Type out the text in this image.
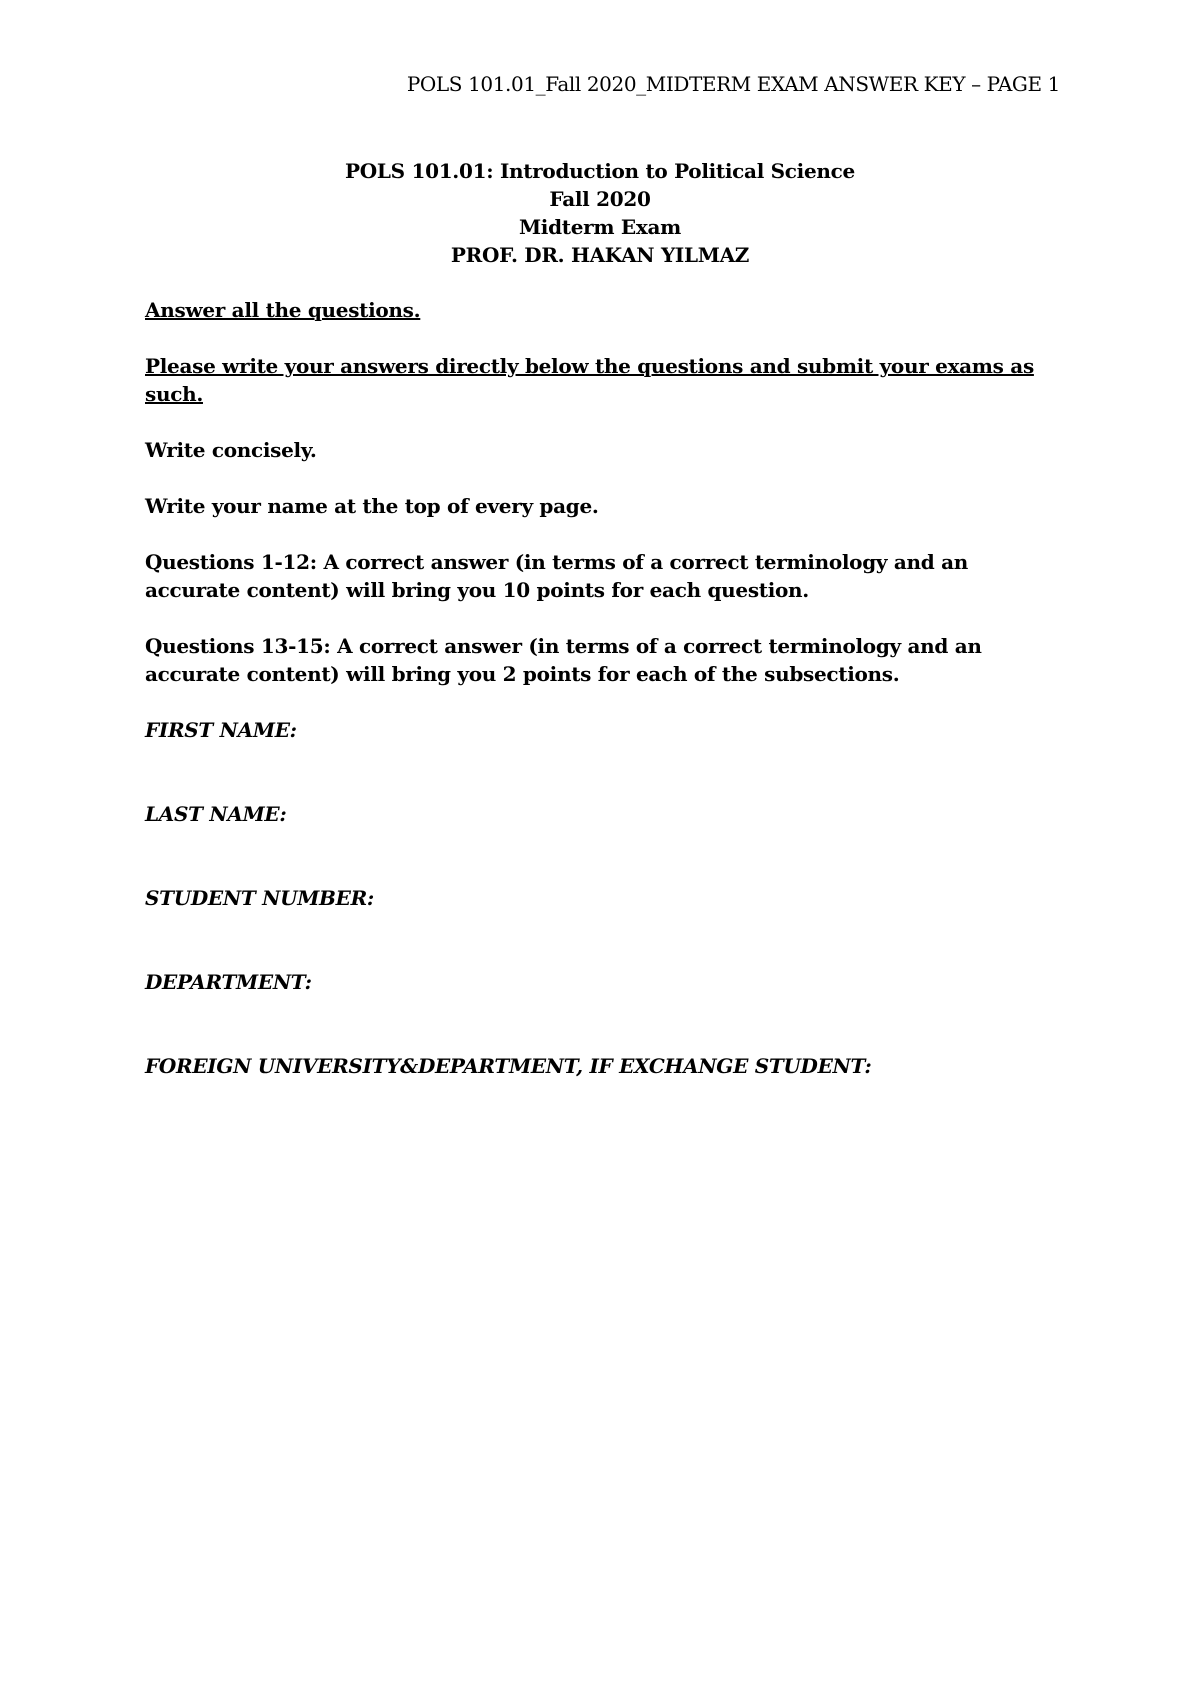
POLS 101.01_Fall 2020_MIDTERM EXAM ANSWER KEY – PAGE 1
POLS 101.01: Introduction to Political Science
Fall 2020
Midterm Exam
PROF. DR. HAKAN YILMAZ

Answer all the questions.

Please write your answers directly below the questions and submit your exams as such.

Write concisely.

Write your name at the top of every page.

Questions 1-12: A correct answer (in terms of a correct terminology and an accurate content) will bring you 10 points for each question.

Questions 13-15: A correct answer (in terms of a correct terminology and an accurate content) will bring you 2 points for each of the subsections.

FIRST NAME:
LAST NAME:
STUDENT NUMBER:
DEPARTMENT:
FOREIGN UNIVERSITY&DEPARTMENT, IF EXCHANGE STUDENT:
